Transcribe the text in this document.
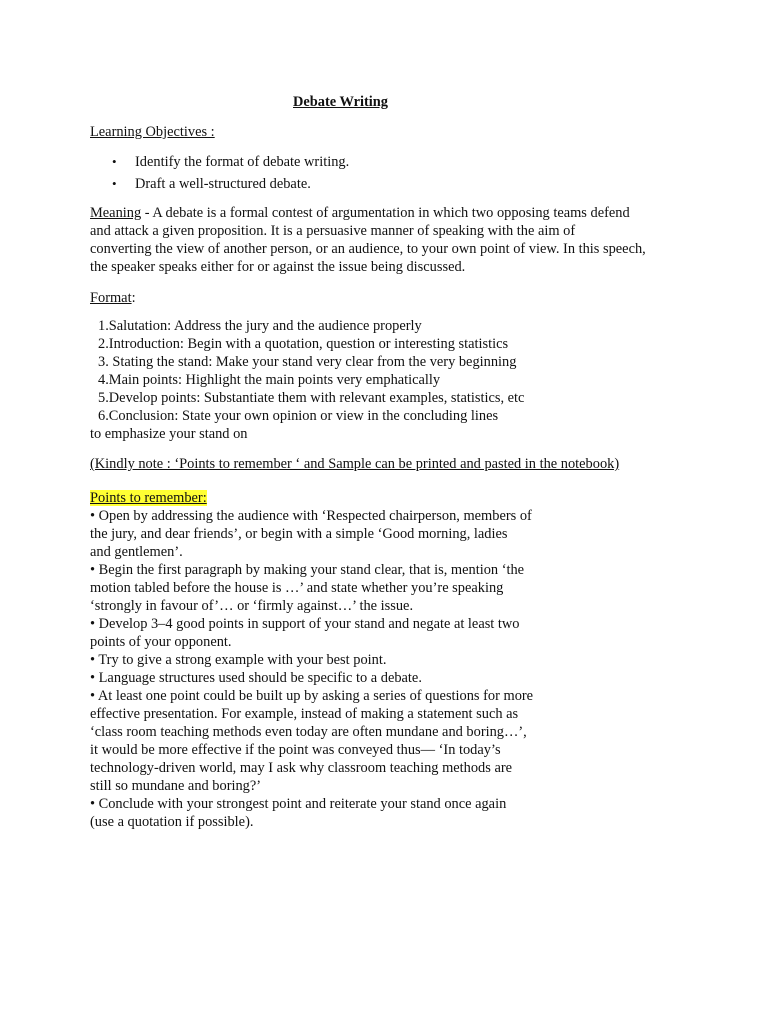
Debate Writing
Learning Objectives :
• Identify the format of debate writing.
• Draft a well-structured debate.
Meaning - A debate is a formal contest of argumentation in which two opposing teams defend
and attack a given proposition. It is a persuasive manner of speaking with the aim of
converting the view of another person, or an audience, to your own point of view. In this speech,
the speaker speaks either for or against the issue being discussed.
Format:
1.Salutation: Address the jury and the audience properly
2.Introduction: Begin with a quotation, question or interesting statistics
3. Stating the stand: Make your stand very clear from the very beginning
4.Main points: Highlight the main points very emphatically
5.Develop points: Substantiate them with relevant examples, statistics, etc
6.Conclusion: State your own opinion or view in the concluding lines
to emphasize your stand on
(Kindly note : ‘Points to remember ‘ and Sample can be printed and pasted in the notebook)
Points to remember:
• Open by addressing the audience with ‘Respected chairperson, members of
the jury, and dear friends’, or begin with a simple ‘Good morning, ladies
and gentlemen’.
• Begin the first paragraph by making your stand clear, that is, mention ‘the
motion tabled before the house is …’ and state whether you’re speaking
‘strongly in favour of’… or ‘firmly against…’ the issue.
• Develop 3–4 good points in support of your stand and negate at least two
points of your opponent.
• Try to give a strong example with your best point.
• Language structures used should be specific to a debate.
• At least one point could be built up by asking a series of questions for more
effective presentation. For example, instead of making a statement such as
‘class room teaching methods even today are often mundane and boring…’,
it would be more effective if the point was conveyed thus— ‘In today’s
technology-driven world, may I ask why classroom teaching methods are
still so mundane and boring?’
• Conclude with your strongest point and reiterate your stand once again
(use a quotation if possible).
